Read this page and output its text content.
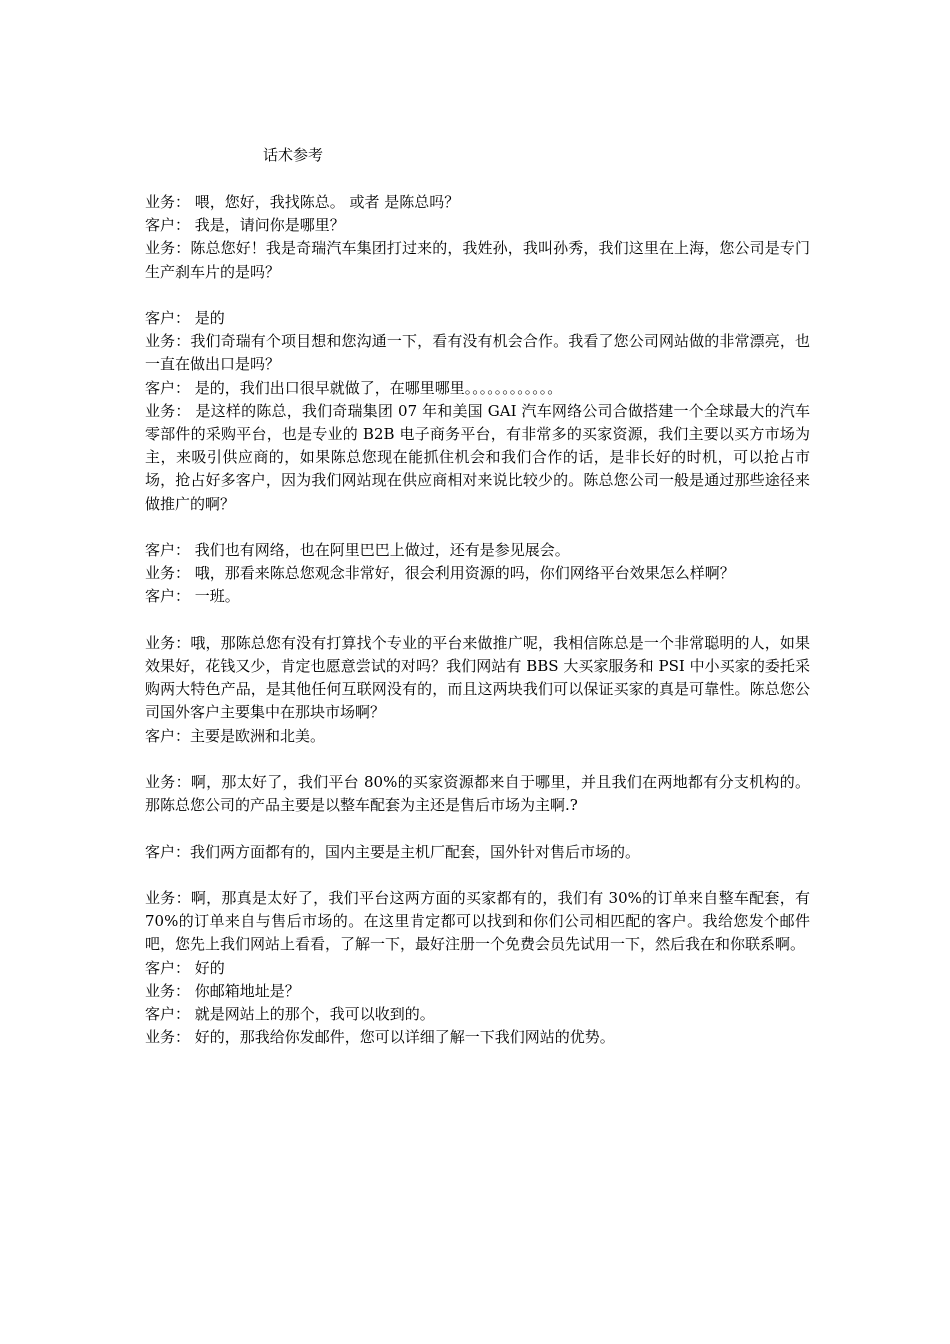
话术参考

业务： 喂，您好，我找陈总。 或者 是陈总吗？

客户： 我是，请问你是哪里？

业务：陈总您好！我是奇瑞汽车集团打过来的，我姓孙，我叫孙秀，我们这里在上海，您公司是专门生产刹车片的是吗？

客户： 是的

业务：我们奇瑞有个项目想和您沟通一下，看有没有机会合作。我看了您公司网站做的非常漂亮，也一直在做出口是吗？

客户： 是的，我们出口很早就做了，在哪里哪里。。。。。。。。。。。。

业务： 是这样的陈总，我们奇瑞集团 07 年和美国 GAI 汽车网络公司合做搭建一个全球最大的汽车零部件的采购平台，也是专业的 B2B 电子商务平台，有非常多的买家资源，我们主要以买方市场为主，来吸引供应商的，如果陈总您现在能抓住机会和我们合作的话，是非长好的时机，可以抢占市场，抢占好多客户，因为我们网站现在供应商相对来说比较少的。陈总您公司一般是通过那些途径来做推广的啊？

客户： 我们也有网络，也在阿里巴巴上做过，还有是参见展会。

业务： 哦，那看来陈总您观念非常好，很会利用资源的吗，你们网络平台效果怎么样啊？

客户： 一班。

业务：哦，那陈总您有没有打算找个专业的平台来做推广呢，我相信陈总是一个非常聪明的人，如果效果好，花钱又少，肯定也愿意尝试的对吗？我们网站有 BBS 大买家服务和 PSI 中小买家的委托采购两大特色产品，是其他任何互联网没有的，而且这两块我们可以保证买家的真是可靠性。陈总您公司国外客户主要集中在那块市场啊？

客户：主要是欧洲和北美。

业务：啊，那太好了，我们平台 80%的买家资源都来自于哪里，并且我们在两地都有分支机构的。那陈总您公司的产品主要是以整车配套为主还是售后市场为主啊.?

客户：我们两方面都有的，国内主要是主机厂配套，国外针对售后市场的。

业务：啊，那真是太好了，我们平台这两方面的买家都有的，我们有 30%的订单来自整车配套，有 70%的订单来自与售后市场的。在这里肯定都可以找到和你们公司相匹配的客户。我给您发个邮件吧，您先上我们网站上看看，了解一下，最好注册一个免费会员先试用一下，然后我在和你联系啊。

客户： 好的

业务： 你邮箱地址是？

客户： 就是网站上的那个，我可以收到的。

业务： 好的，那我给你发邮件，您可以详细了解一下我们网站的优势。
